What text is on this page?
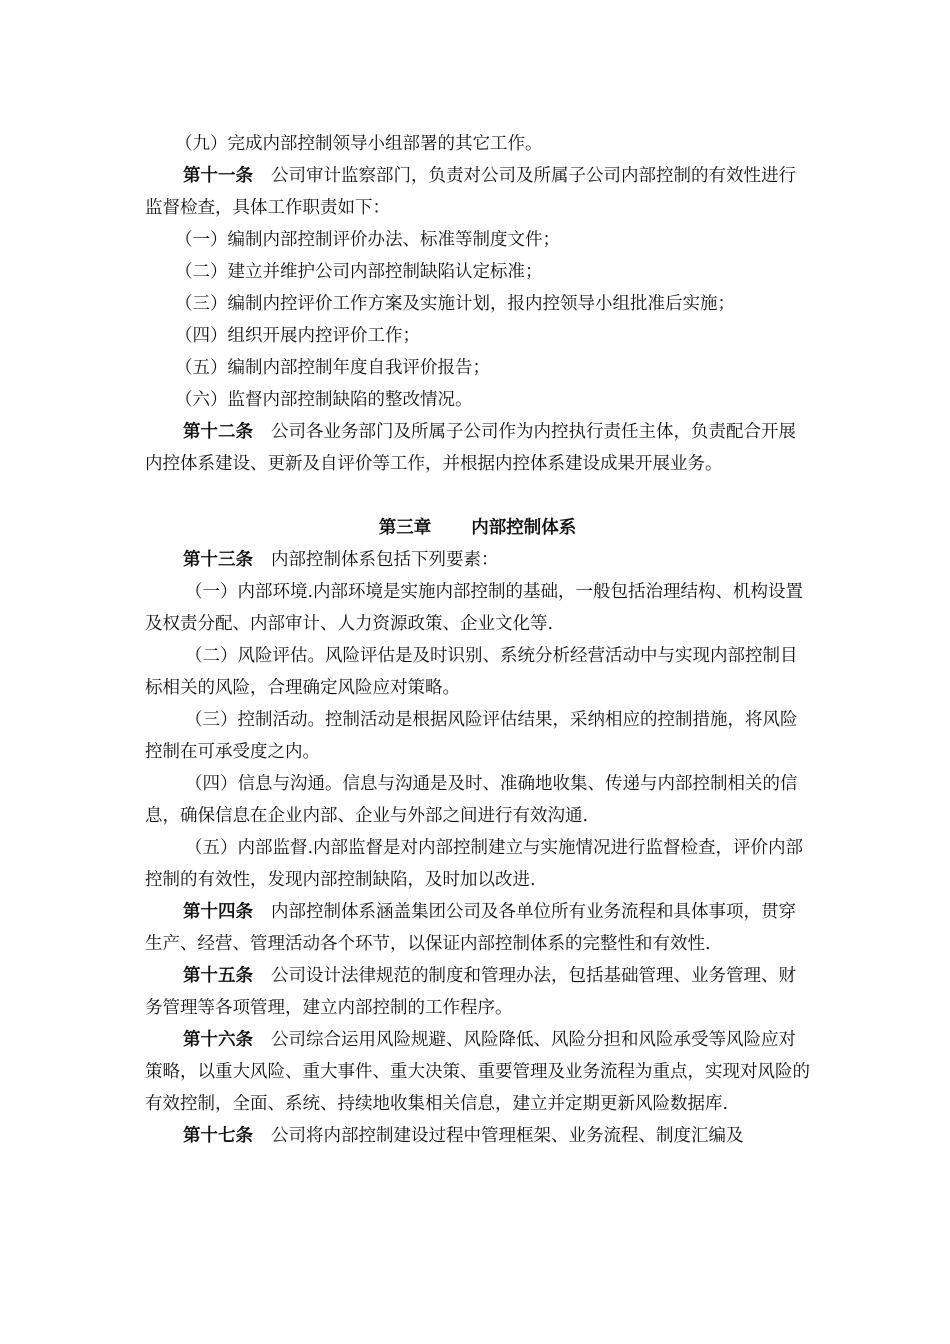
（九）完成内部控制领导小组部署的其它工作。

第十一条 公司审计监察部门，负责对公司及所属子公司内部控制的有效性进行监督检查，具体工作职责如下：

（一）编制内部控制评价办法、标准等制度文件；

（二）建立并维护公司内部控制缺陷认定标准；

（三）编制内控评价工作方案及实施计划，报内控领导小组批准后实施；

（四）组织开展内控评价工作；

（五）编制内部控制年度自我评价报告；

（六）监督内部控制缺陷的整改情况。

第十二条 公司各业务部门及所属子公司作为内控执行责任主体，负责配合开展内控体系建设、更新及自评价等工作，并根据内控体系建设成果开展业务。

第三章 内部控制体系

第十三条 内部控制体系包括下列要素：

（一）内部环境.内部环境是实施内部控制的基础，一般包括治理结构、机构设置及权责分配、内部审计、人力资源政策、企业文化等.

（二）风险评估。风险评估是及时识别、系统分析经营活动中与实现内部控制目标相关的风险，合理确定风险应对策略。

（三）控制活动。控制活动是根据风险评估结果，采纳相应的控制措施，将风险控制在可承受度之内。

（四）信息与沟通。信息与沟通是及时、准确地收集、传递与内部控制相关的信息，确保信息在企业内部、企业与外部之间进行有效沟通.

（五）内部监督.内部监督是对内部控制建立与实施情况进行监督检查，评价内部控制的有效性，发现内部控制缺陷，及时加以改进.

第十四条 内部控制体系涵盖集团公司及各单位所有业务流程和具体事项，贯穿生产、经营、管理活动各个环节，以保证内部控制体系的完整性和有效性.

第十五条 公司设计法律规范的制度和管理办法，包括基础管理、业务管理、财务管理等各项管理，建立内部控制的工作程序。

第十六条 公司综合运用风险规避、风险降低、风险分担和风险承受等风险应对策略，以重大风险、重大事件、重大决策、重要管理及业务流程为重点，实现对风险的有效控制，全面、系统、持续地收集相关信息，建立并定期更新风险数据库.

第十七条 公司将内部控制建设过程中管理框架、业务流程、制度汇编及
